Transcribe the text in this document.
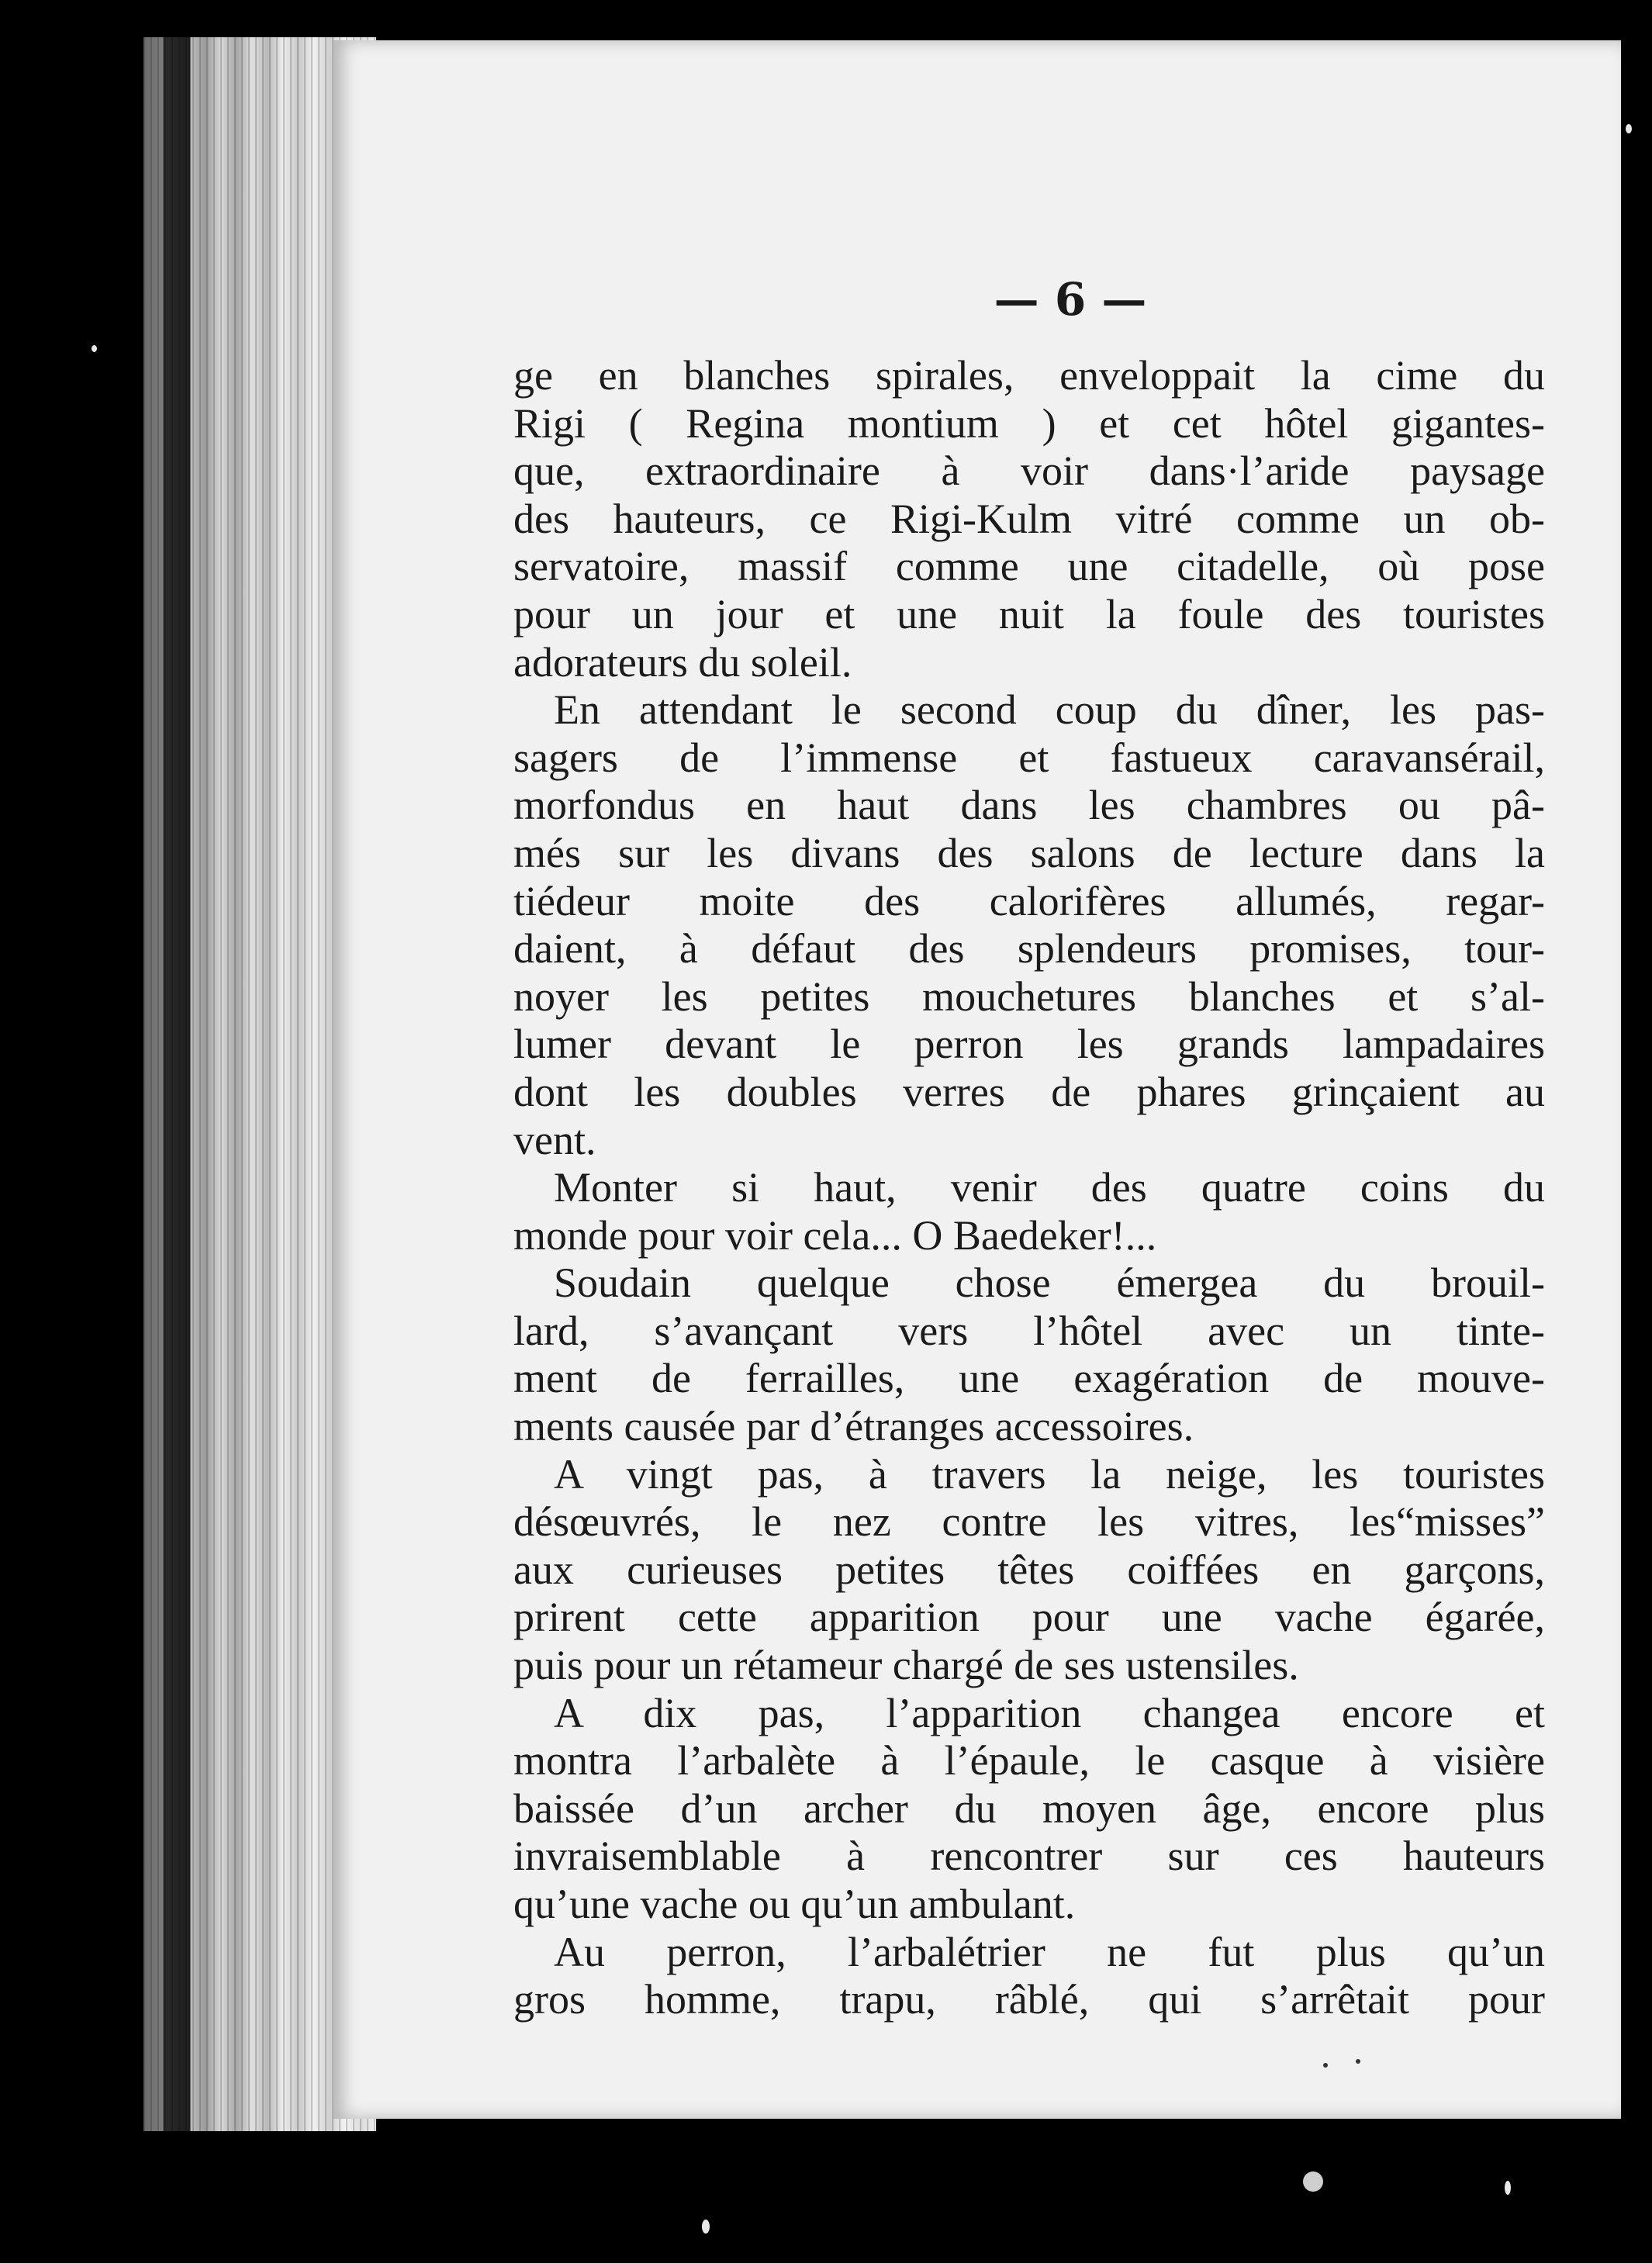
— 6 —
ge en blanches spirales, enveloppait la cime du
Rigi ( Regina montium ) et cet hôtel gigantes-
que, extraordinaire à voir dans·l’aride paysage
des hauteurs, ce Rigi-Kulm vitré comme un ob-
servatoire, massif comme une citadelle, où pose
pour un jour et une nuit la foule des touristes
adorateurs du soleil.
En attendant le second coup du dîner, les pas-
sagers de l’immense et fastueux caravansérail,
morfondus en haut dans les chambres ou pâ-
més sur les divans des salons de lecture dans la
tiédeur moite des calorifères allumés, regar-
daient, à défaut des splendeurs promises, tour-
noyer les petites mouchetures blanches et s’al-
lumer devant le perron les grands lampadaires
dont les doubles verres de phares grinçaient au
vent.
Monter si haut, venir des quatre coins du
monde pour voir cela... O Baedeker!...
Soudain quelque chose émergea du brouil-
lard, s’avançant vers l’hôtel avec un tinte-
ment de ferrailles, une exagération de mouve-
ments causée par d’étranges accessoires.
A vingt pas, à travers la neige, les touristes
désœuvrés, le nez contre les vitres, les“misses”
aux curieuses petites têtes coiffées en garçons,
prirent cette apparition pour une vache égarée,
puis pour un rétameur chargé de ses ustensiles.
A dix pas, l’apparition changea encore et
montra l’arbalète à l’épaule, le casque à visière
baissée d’un archer du moyen âge, encore plus
invraisemblable à rencontrer sur ces hauteurs
qu’une vache ou qu’un ambulant.
Au perron, l’arbalétrier ne fut plus qu’un
gros homme, trapu, râblé, qui s’arrêtait pour
